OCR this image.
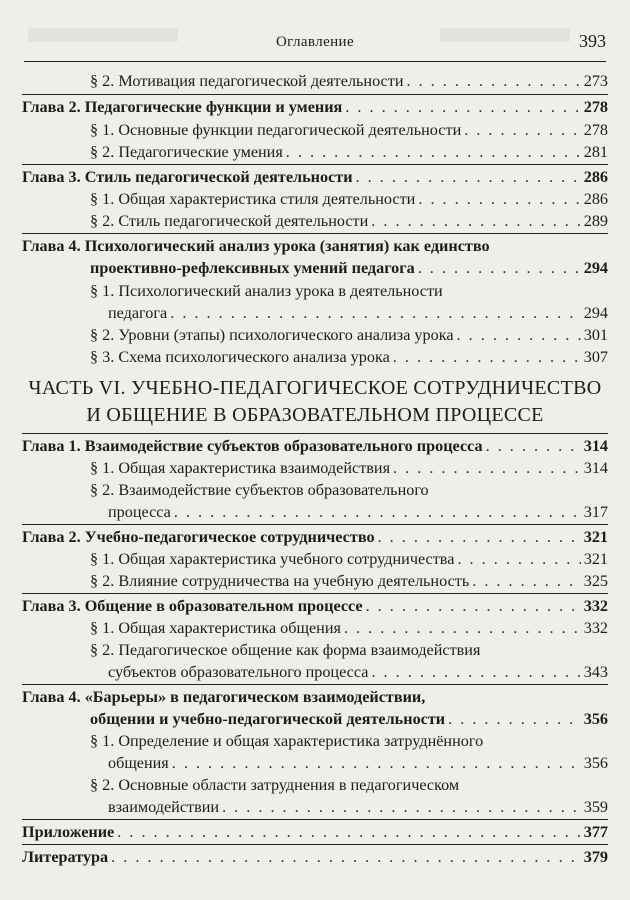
Оглавление	393
§ 2. Мотивация педагогической деятельности . . .	273
Глава 2. Педагогические функции и умения . . .	278
§ 1. Основные функции педагогической деятельности . . .	278
§ 2. Педагогические умения . . .	281
Глава 3. Стиль педагогической деятельности . . .	286
§ 1. Общая характеристика стиля деятельности . . .	286
§ 2. Стиль педагогической деятельности . . .	289
Глава 4. Психологический анализ урока (занятия) как единство
проективно-рефлексивных умений педагога . . .	294
§ 1. Психологический анализ урока в деятельности
педагога . . .	294
§ 2. Уровни (этапы) психологического анализа урока . . .	301
§ 3. Схема психологического анализа урока . . .	307
ЧАСТЬ VI. УЧЕБНО-ПЕДАГОГИЧЕСКОЕ СОТРУДНИЧЕСТВО
И ОБЩЕНИЕ В ОБРАЗОВАТЕЛЬНОМ ПРОЦЕССЕ
Глава 1. Взаимодействие субъектов образовательного процесса . . .	314
§ 1. Общая характеристика взаимодействия . . .	314
§ 2. Взаимодействие субъектов образовательного
процесса . . .	317
Глава 2. Учебно-педагогическое сотрудничество . . .	321
§ 1. Общая характеристика учебного сотрудничества . . .	321
§ 2. Влияние сотрудничества на учебную деятельность . . .	325
Глава 3. Общение в образовательном процессе . . .	332
§ 1. Общая характеристика общения . . .	332
§ 2. Педагогическое общение как форма взаимодействия
субъектов образовательного процесса . . .	343
Глава 4. «Барьеры» в педагогическом взаимодействии,
общении и учебно-педагогической деятельности . . .	356
§ 1. Определение и общая характеристика затруднённого
общения . . .	356
§ 2. Основные области затруднения в педагогическом
взаимодействии . . .	359
Приложение . . .	377
Литература . . .	379
